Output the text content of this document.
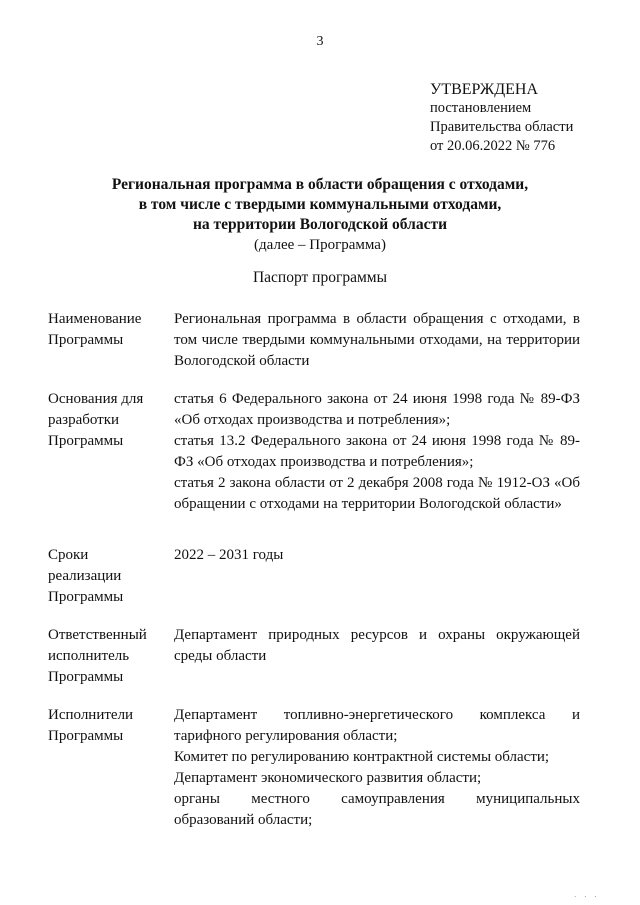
3
УТВЕРЖДЕНА
постановлением
Правительства области
от 20.06.2022 № 776
Региональная программа в области обращения с отходами,
в том числе с твердыми коммунальными отходами,
на территории Вологодской области
(далее – Программа)
Паспорт программы
Наименование
Программы
Региональная программа в области обращения с отходами, в том числе твердыми коммунальными отходами, на территории Вологодской области
Основания для
разработки
Программы
статья 6 Федерального закона от 24 июня 1998 года № 89-ФЗ «Об отходах производства и потребления»;
статья 13.2 Федерального закона от 24 июня 1998 года № 89-ФЗ «Об отходах производства и потребления»;
статья 2 закона области от 2 декабря 2008 года № 1912-ОЗ «Об обращении с отходами на территории Вологодской области»
Сроки
реализации
Программы
2022 – 2031 годы
Ответственный
исполнитель
Программы
Департамент природных ресурсов и охраны окружающей среды области
Исполнители
Программы
Департамент топливно-энергетического комплекса и тарифного регулирования области;
Комитет по регулированию контрактной системы области;
Департамент экономического развития области;
органы местного самоуправления муниципальных образований области;
· · ·
